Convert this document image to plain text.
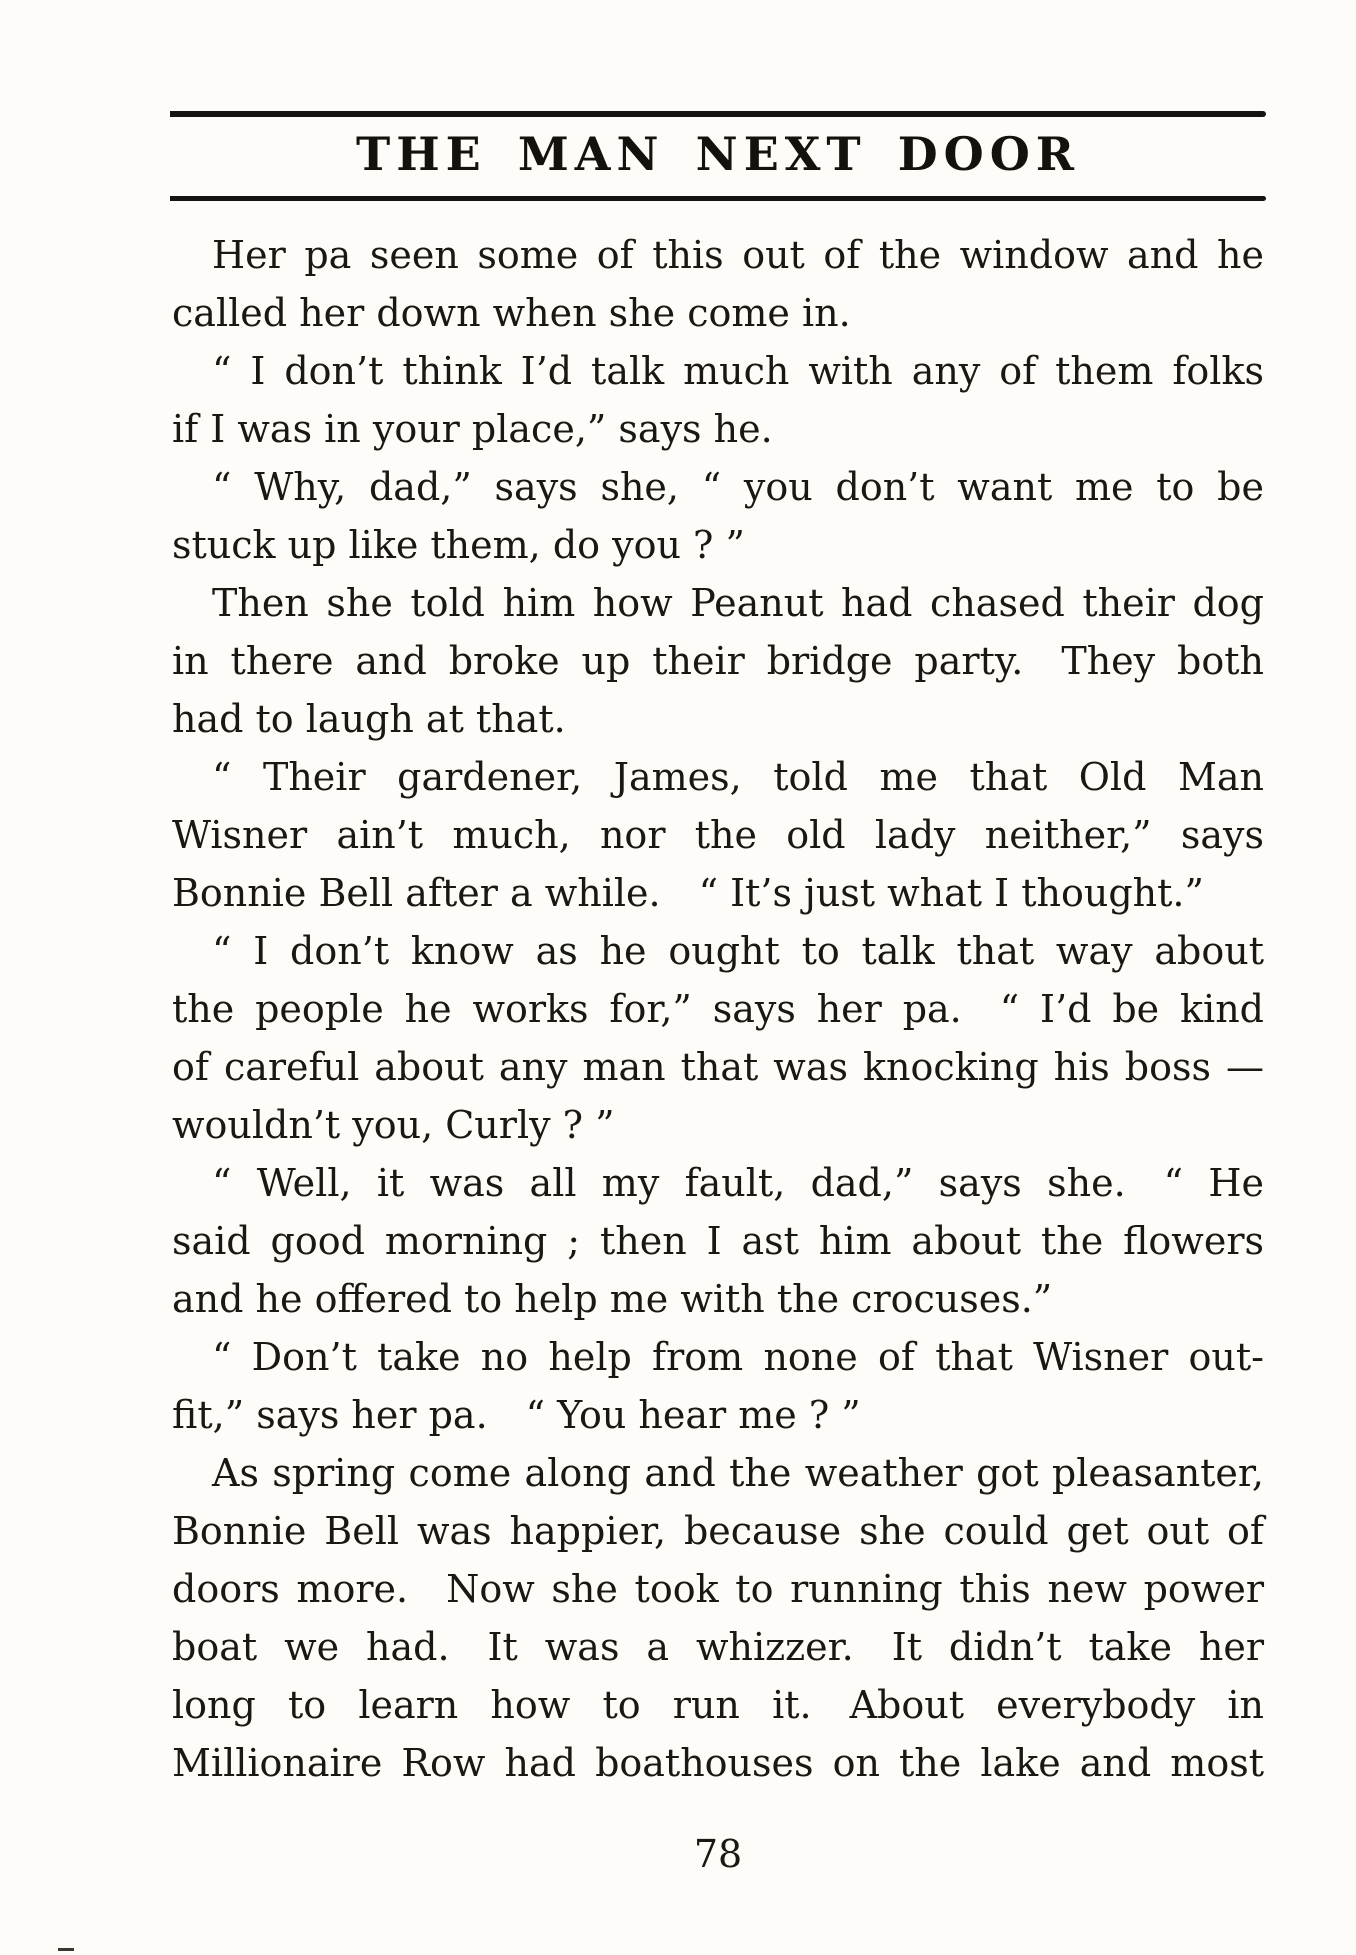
THE MAN NEXT DOOR
Her pa seen some of this out of the window and he
called her down when she come in.
“ I don’t think I’d talk much with any of them folks
if I was in your place,” says he.
“ Why, dad,” says she, “ you don’t want me to be
stuck up like them, do you ? ”
Then she told him how Peanut had chased their dog
in there and broke up their bridge party. They both
had to laugh at that.
“ Their gardener, James, told me that Old Man
Wisner ain’t much, nor the old lady neither,” says
Bonnie Bell after a while. “ It’s just what I thought.”
“ I don’t know as he ought to talk that way about
the people he works for,” says her pa. “ I’d be kind
of careful about any man that was knocking his boss —
wouldn’t you, Curly ? ”
“ Well, it was all my fault, dad,” says she. “ He
said good morning ; then I ast him about the flowers
and he offered to help me with the crocuses.”
“ Don’t take no help from none of that Wisner out-
fit,” says her pa. “ You hear me ? ”
As spring come along and the weather got pleasanter,
Bonnie Bell was happier, because she could get out of
doors more. Now she took to running this new power
boat we had. It was a whizzer. It didn’t take her
long to learn how to run it. About everybody in
Millionaire Row had boathouses on the lake and most
78
